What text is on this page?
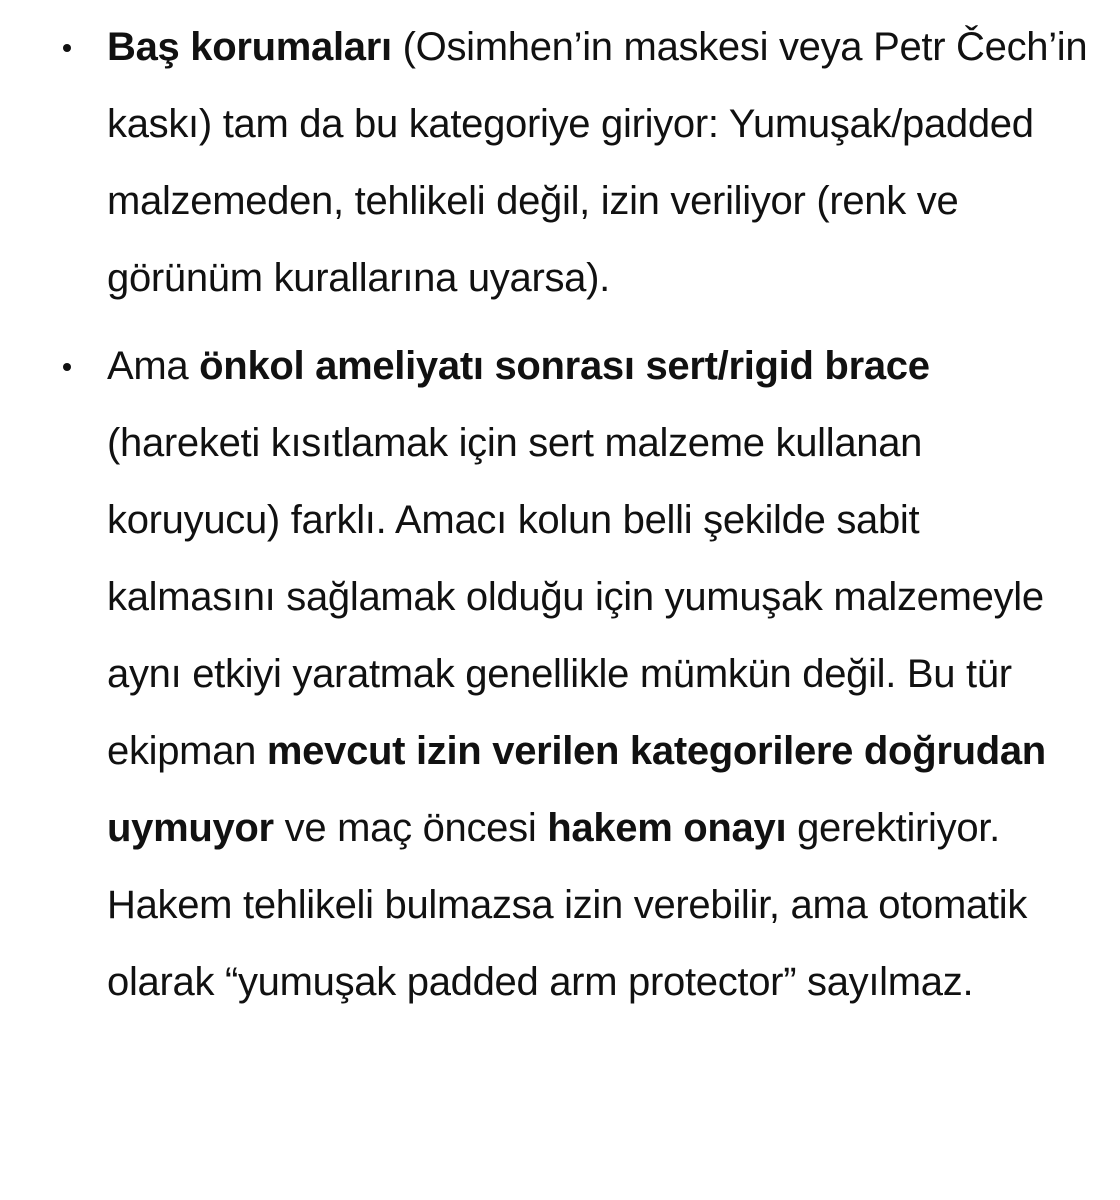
Baş korumaları (Osimhen’in maskesi veya Petr Čech’in kaskı) tam da bu kategoriye giriyor: Yumuşak/padded malzemeden, tehlikeli değil, izin veriliyor (renk ve görünüm kurallarına uyarsa).
Ama önkol ameliyatı sonrası sert/rigid brace (hareketi kısıtlamak için sert malzeme kullanan koruyucu) farklı. Amacı kolun belli şekilde sabit kalmasını sağlamak olduğu için yumuşak malzemeyle aynı etkiyi yaratmak genellikle mümkün değil. Bu tür ekipman mevcut izin verilen kategorilere doğrudan uymuyor ve maç öncesi hakem onayı gerektiriyor. Hakem tehlikeli bulmazsa izin verebilir, ama otomatik olarak “yumuşak padded arm protector” sayılmaz.
